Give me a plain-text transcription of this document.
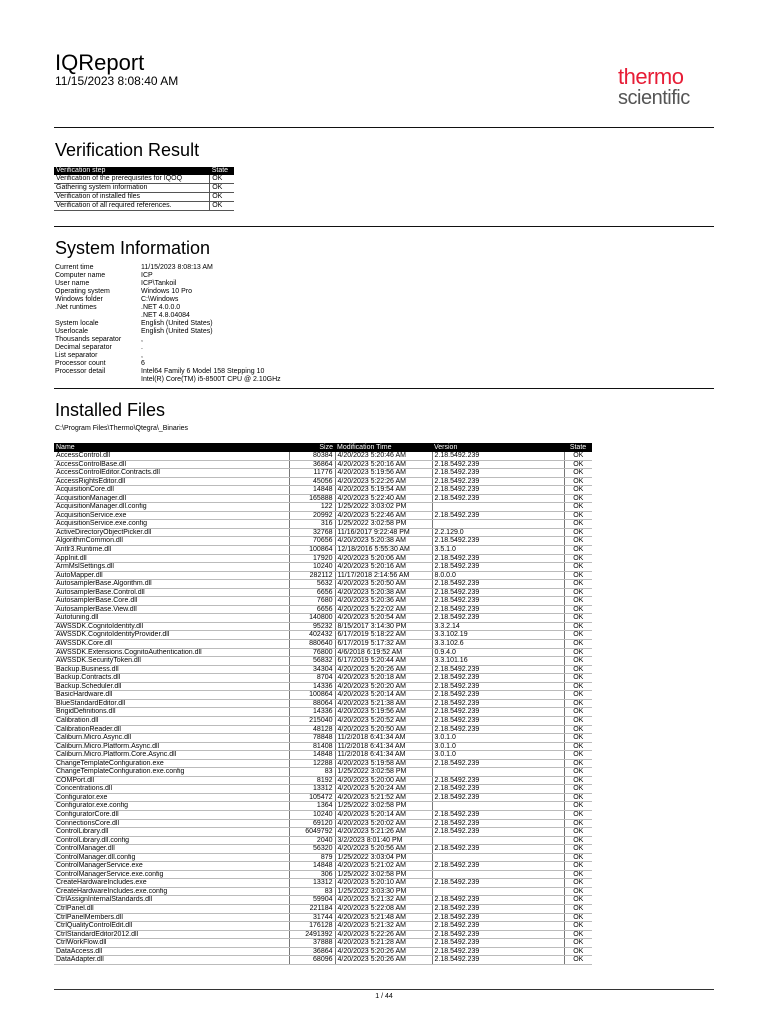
IQReport
11/15/2023 8:08:40 AM	thermo
scientific
Verification Result
Verification step	State
Verification of the prerequisites for IQOQ	OK
Gathering system information	OK
Verification of installed files	OK
Verification of all required references.	OK
System Information
Current time	11/15/2023 8:08:13 AM
Computer name	ICP
User name	ICP\Tankoil
Operating system	Windows 10 Pro
Windows folder	C:\Windows
.Net runtimes	.NET 4.0.0.0
	.NET 4.8.04084
System locale	English (United States)
Userlocale	English (United States)
Thousands separator	,
Decimal separator	.
List separator	,
Processor count	6
Processor detail	Intel64 Family 6 Model 158 Stepping 10
	Intel(R) Core(TM) i5-8500T CPU @ 2.10GHz
Installed Files
C:\Program Files\Thermo\Qtegra\_Binaries
Name	Size	Modification Time	Version	State
AccessControl.dll	80384	4/20/2023 5:20:46 AM	2.18.5492.239	OK
AccessControlBase.dll	36864	4/20/2023 5:20:16 AM	2.18.5492.239	OK
AccessControlEditor.Contracts.dll	11776	4/20/2023 5:19:56 AM	2.18.5492.239	OK
AccessRightsEditor.dll	45056	4/20/2023 5:22:26 AM	2.18.5492.239	OK
AcquisitionCore.dll	14848	4/20/2023 5:19:54 AM	2.18.5492.239	OK
AcquisitionManager.dll	165888	4/20/2023 5:22:40 AM	2.18.5492.239	OK
AcquisitionManager.dll.config	122	1/25/2022 3:03:02 PM		OK
AcquisitionService.exe	20992	4/20/2023 5:22:46 AM	2.18.5492.239	OK
AcquisitionService.exe.config	316	1/25/2022 3:02:58 PM		OK
ActiveDirectoryObjectPicker.dll	32768	11/16/2017 9:22:48 PM	2.2.129.0	OK
AlgorithmCommon.dll	70656	4/20/2023 5:20:38 AM	2.18.5492.239	OK
Antlr3.Runtime.dll	100864	12/18/2016 5:55:30 AM	3.5.1.0	OK
AppInit.dll	17920	4/20/2023 5:20:06 AM	2.18.5492.239	OK
ArmMslSettings.dll	10240	4/20/2023 5:20:16 AM	2.18.5492.239	OK
AutoMapper.dll	282112	11/17/2018 2:14:56 AM	8.0.0.0	OK
AutosamplerBase.Algorithm.dll	5632	4/20/2023 5:20:50 AM	2.18.5492.239	OK
AutosamplerBase.Control.dll	6656	4/20/2023 5:20:38 AM	2.18.5492.239	OK
AutosamplerBase.Core.dll	7680	4/20/2023 5:20:36 AM	2.18.5492.239	OK
AutosamplerBase.View.dll	6656	4/20/2023 5:22:02 AM	2.18.5492.239	OK
Autotuning.dll	140800	4/20/2023 5:20:54 AM	2.18.5492.239	OK
AWSSDK.CognitoIdentity.dll	95232	8/15/2017 3:14:30 PM	3.3.2.14	OK
AWSSDK.CognitoIdentityProvider.dll	402432	6/17/2019 5:18:22 AM	3.3.102.19	OK
AWSSDK.Core.dll	880640	6/17/2019 5:17:32 AM	3.3.102.6	OK
AWSSDK.Extensions.CognitoAuthentication.dll	76800	4/6/2018 6:19:52 AM	0.9.4.0	OK
AWSSDK.SecurityToken.dll	56832	6/17/2019 5:20:44 AM	3.3.101.16	OK
Backup.Business.dll	34304	4/20/2023 5:20:26 AM	2.18.5492.239	OK
Backup.Contracts.dll	8704	4/20/2023 5:20:18 AM	2.18.5492.239	OK
Backup.Scheduler.dll	14336	4/20/2023 5:20:20 AM	2.18.5492.239	OK
BasicHardware.dll	100864	4/20/2023 5:20:14 AM	2.18.5492.239	OK
BlueStandardEditor.dll	88064	4/20/2023 5:21:38 AM	2.18.5492.239	OK
BrigidDefinitions.dll	14336	4/20/2023 5:19:56 AM	2.18.5492.239	OK
Calibration.dll	215040	4/20/2023 5:20:52 AM	2.18.5492.239	OK
CalibrationReader.dll	48128	4/20/2023 5:20:50 AM	2.18.5492.239	OK
Caliburn.Micro.Async.dll	78848	11/2/2018 6:41:34 AM	3.0.1.0	OK
Caliburn.Micro.Platform.Async.dll	81408	11/2/2018 6:41:34 AM	3.0.1.0	OK
Caliburn.Micro.Platform.Core.Async.dll	14848	11/2/2018 6:41:34 AM	3.0.1.0	OK
ChangeTemplateConfiguration.exe	12288	4/20/2023 5:19:58 AM	2.18.5492.239	OK
ChangeTemplateConfiguration.exe.config	83	1/25/2022 3:02:58 PM		OK
COMPort.dll	8192	4/20/2023 5:20:00 AM	2.18.5492.239	OK
Concentrations.dll	13312	4/20/2023 5:20:24 AM	2.18.5492.239	OK
Configurator.exe	105472	4/20/2023 5:21:52 AM	2.18.5492.239	OK
Configurator.exe.config	1364	1/25/2022 3:02:58 PM		OK
ConfiguratorCore.dll	10240	4/20/2023 5:20:14 AM	2.18.5492.239	OK
ConnectionsCore.dll	69120	4/20/2023 5:20:02 AM	2.18.5492.239	OK
ControlLibrary.dll	6049792	4/20/2023 5:21:26 AM	2.18.5492.239	OK
ControlLibrary.dll.config	2040	3/2/2023 8:01:40 PM		OK
ControlManager.dll	56320	4/20/2023 5:20:56 AM	2.18.5492.239	OK
ControlManager.dll.config	879	1/25/2022 3:03:04 PM		OK
ControlManagerService.exe	14848	4/20/2023 5:21:02 AM	2.18.5492.239	OK
ControlManagerService.exe.config	306	1/25/2022 3:02:58 PM		OK
CreateHardwareIncludes.exe	13312	4/20/2023 5:20:10 AM	2.18.5492.239	OK
CreateHardwareIncludes.exe.config	83	1/25/2022 3:03:30 PM		OK
CtrlAssignInternalStandards.dll	59904	4/20/2023 5:21:32 AM	2.18.5492.239	OK
CtrlPanel.dll	221184	4/20/2023 5:22:08 AM	2.18.5492.239	OK
CtrlPanelMembers.dll	31744	4/20/2023 5:21:48 AM	2.18.5492.239	OK
CtrlQualityControlEdit.dll	176128	4/20/2023 5:21:32 AM	2.18.5492.239	OK
CtrlStandardEditor2012.dll	2491392	4/20/2023 5:22:26 AM	2.18.5492.239	OK
CtrlWorkFlow.dll	37888	4/20/2023 5:21:28 AM	2.18.5492.239	OK
DataAccess.dll	36864	4/20/2023 5:20:26 AM	2.18.5492.239	OK
DataAdapter.dll	68096	4/20/2023 5:20:26 AM	2.18.5492.239	OK
1 / 44
